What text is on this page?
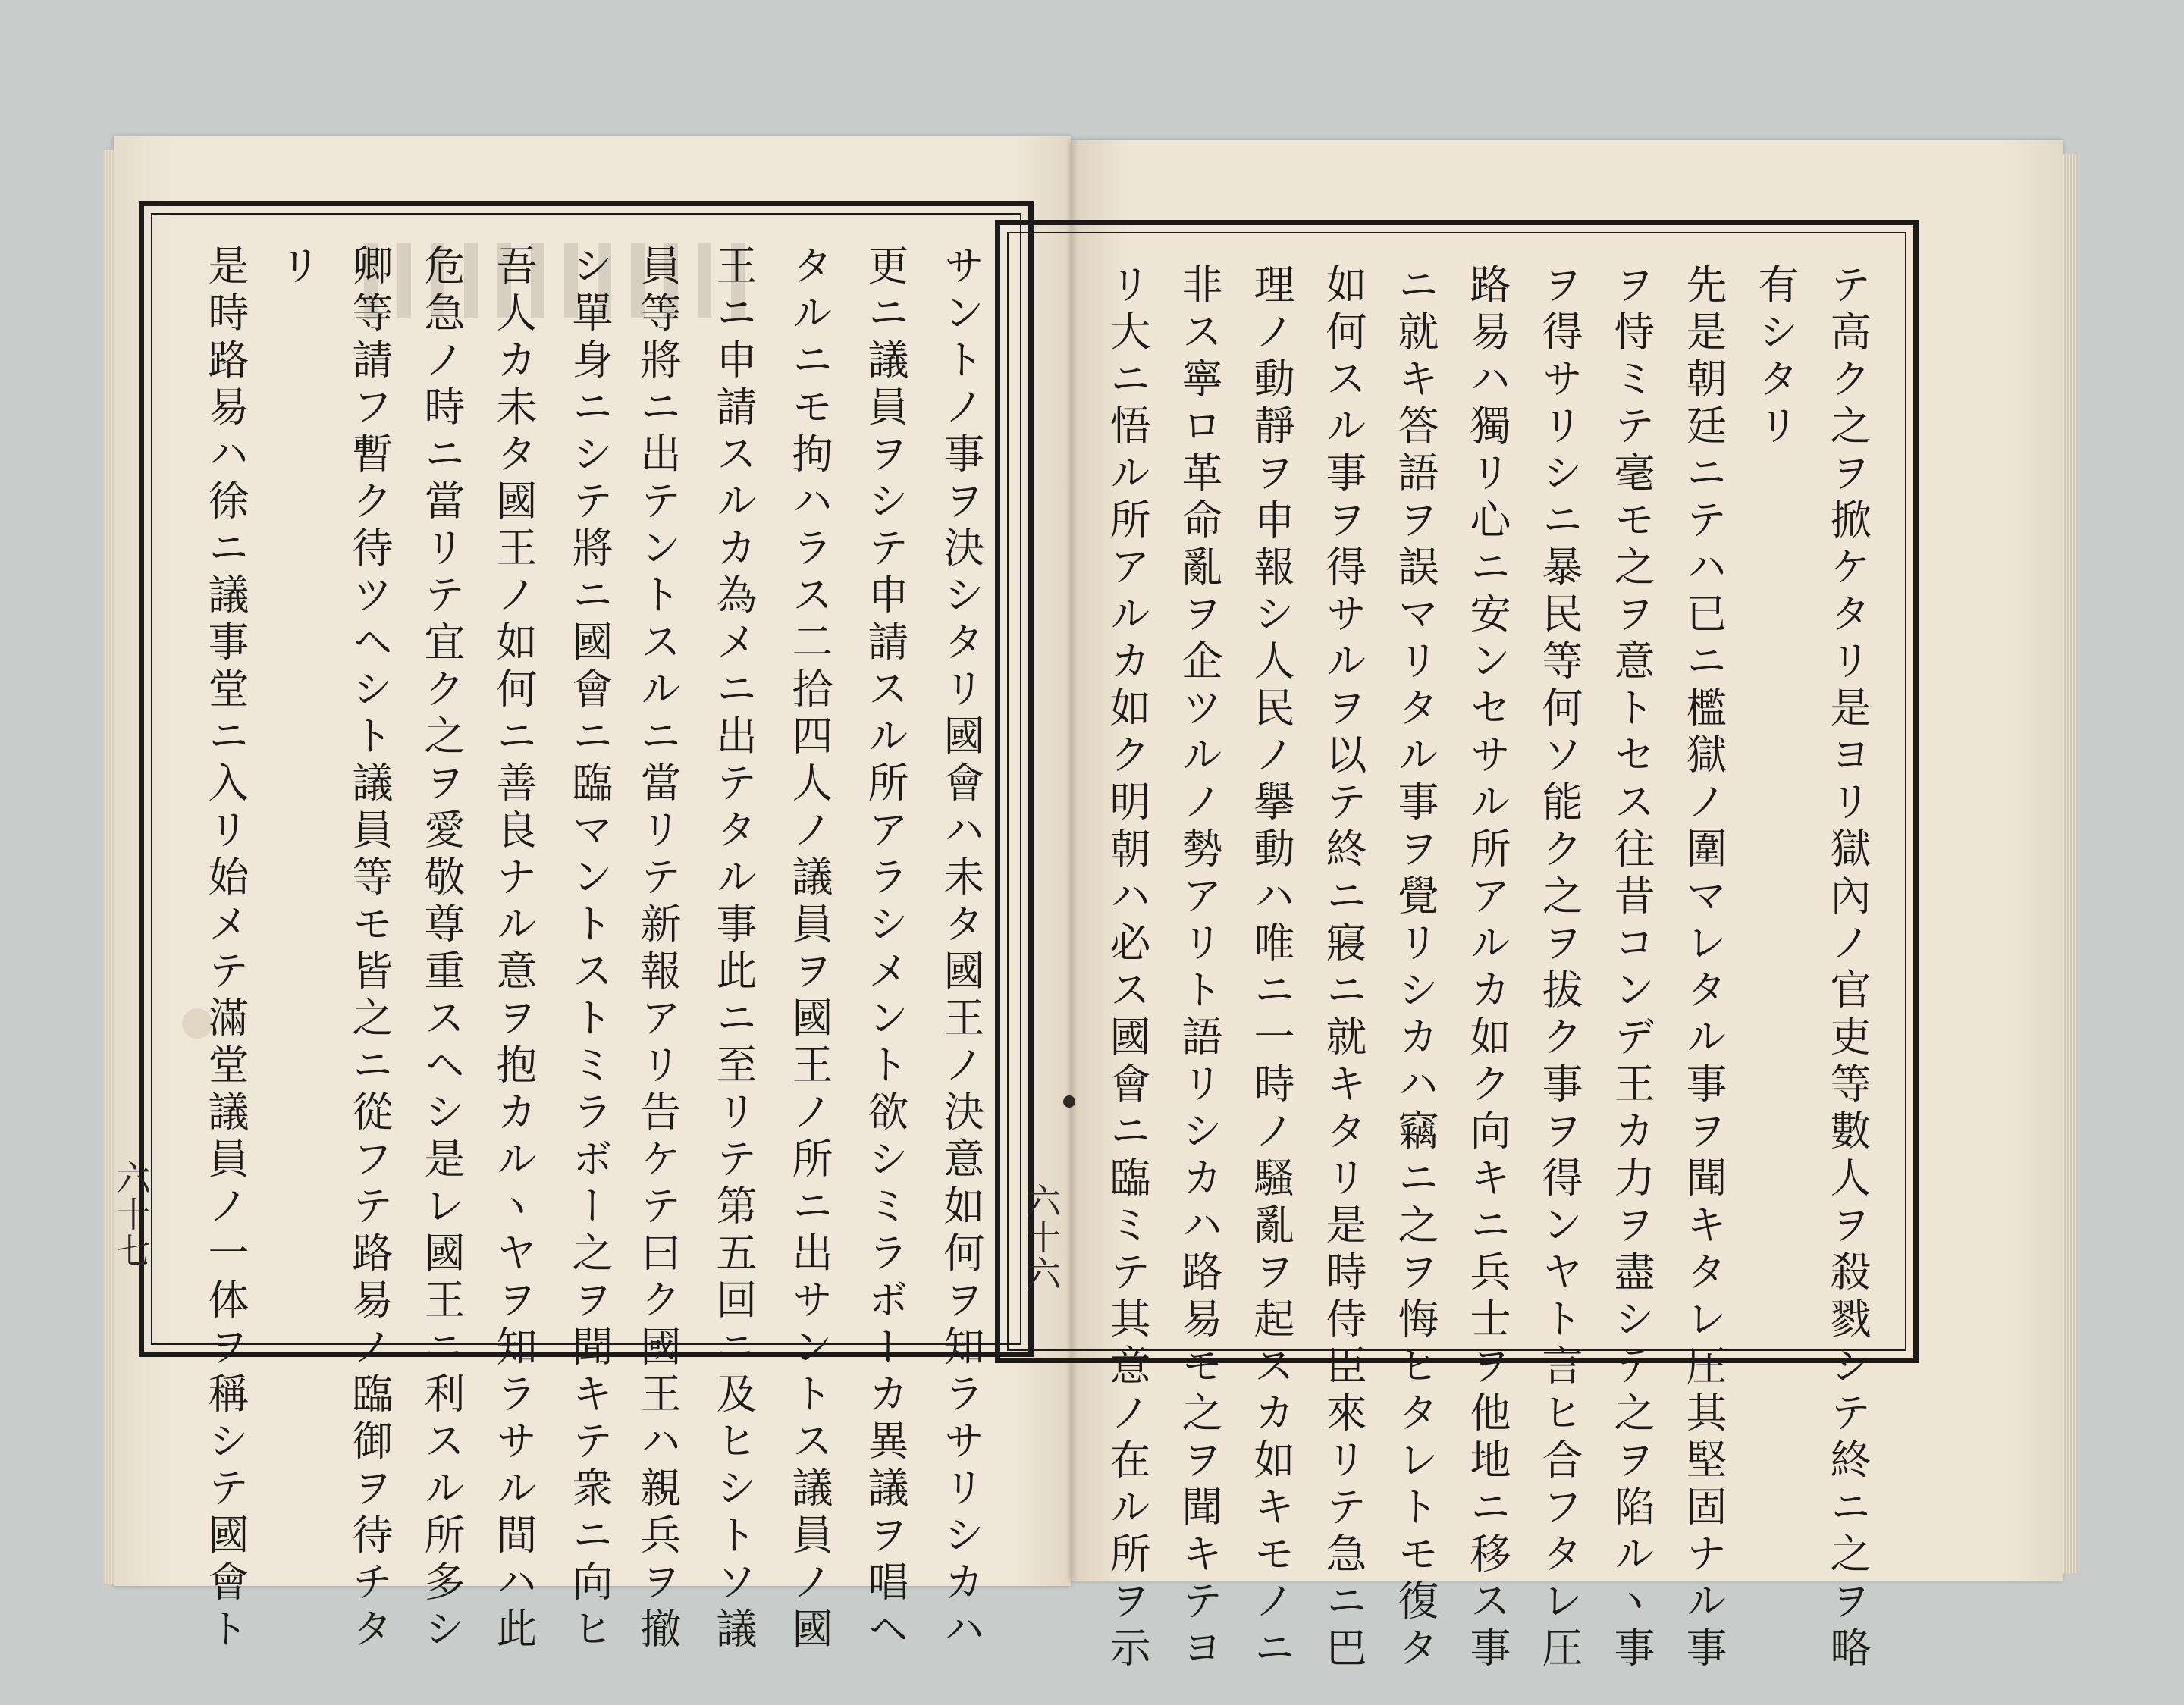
サントノ事ヲ決シタリ國會ハ未タ國王ノ決意如何ヲ知ラサリシカハ
更ニ議員ヲシテ申請スル所アラシメント欲シミラボーカ異議ヲ唱ヘ
タルニモ拘ハラス二拾四人ノ議員ヲ國王ノ所ニ出サントス議員ノ國
王ニ申請スルカ為メニ出テタル事此ニ至リテ第五回ニ及ヒシトソ議
員等將ニ出テントスルニ當リテ新報アリ告ケテ曰ク國王ハ親兵ヲ撤
シ單身ニシテ將ニ國會ニ臨マントストミラボー之ヲ聞キテ衆ニ向ヒ
吾人カ未タ國王ノ如何ニ善良ナル意ヲ抱カルヽヤヲ知ラサル間ハ此
危急ノ時ニ當リテ宜ク之ヲ愛敬尊重スヘシ是レ國王ニ利スル所多シ
卿等請フ暫ク待ツヘシト議員等モ皆之ニ從フテ路易ノ臨御ヲ待チタ
リ
是時路易ハ徐ニ議事堂ニ入リ始メテ滿堂議員ノ一体ヲ稱シテ國會ト	テ高ク之ヲ掀ケタリ是ヨリ獄內ノ官吏等數人ヲ殺戮シテ終ニ之ヲ略
有シタリ
先是朝廷ニテハ已ニ檻獄ノ圍マレタル事ヲ聞キタレ圧其堅固ナル事
ヲ恃ミテ毫モ之ヲ意トセス往昔コンデ王カ力ヲ盡シテ之ヲ陷ルヽ事
ヲ得サリシニ暴民等何ソ能ク之ヲ拔ク事ヲ得ンヤト言ヒ合フタレ圧
路易ハ獨リ心ニ安ンセサル所アルカ如ク向キニ兵士ヲ他地ニ移ス事
ニ就キ答語ヲ誤マリタル事ヲ覺リシカハ竊ニ之ヲ悔ヒタレトモ復タ
如何スル事ヲ得サルヲ以テ終ニ寢ニ就キタリ是時侍臣來リテ急ニ巴
理ノ動靜ヲ申報シ人民ノ擧動ハ唯ニ一時ノ騷亂ヲ起スカ如キモノニ
非ス寧ロ革命亂ヲ企ツルノ勢アリト語リシカハ路易モ之ヲ聞キテヨ
リ大ニ悟ル所アルカ如ク明朝ハ必ス國會ニ臨ミテ其意ノ在ル所ヲ示
六十七	六十六
